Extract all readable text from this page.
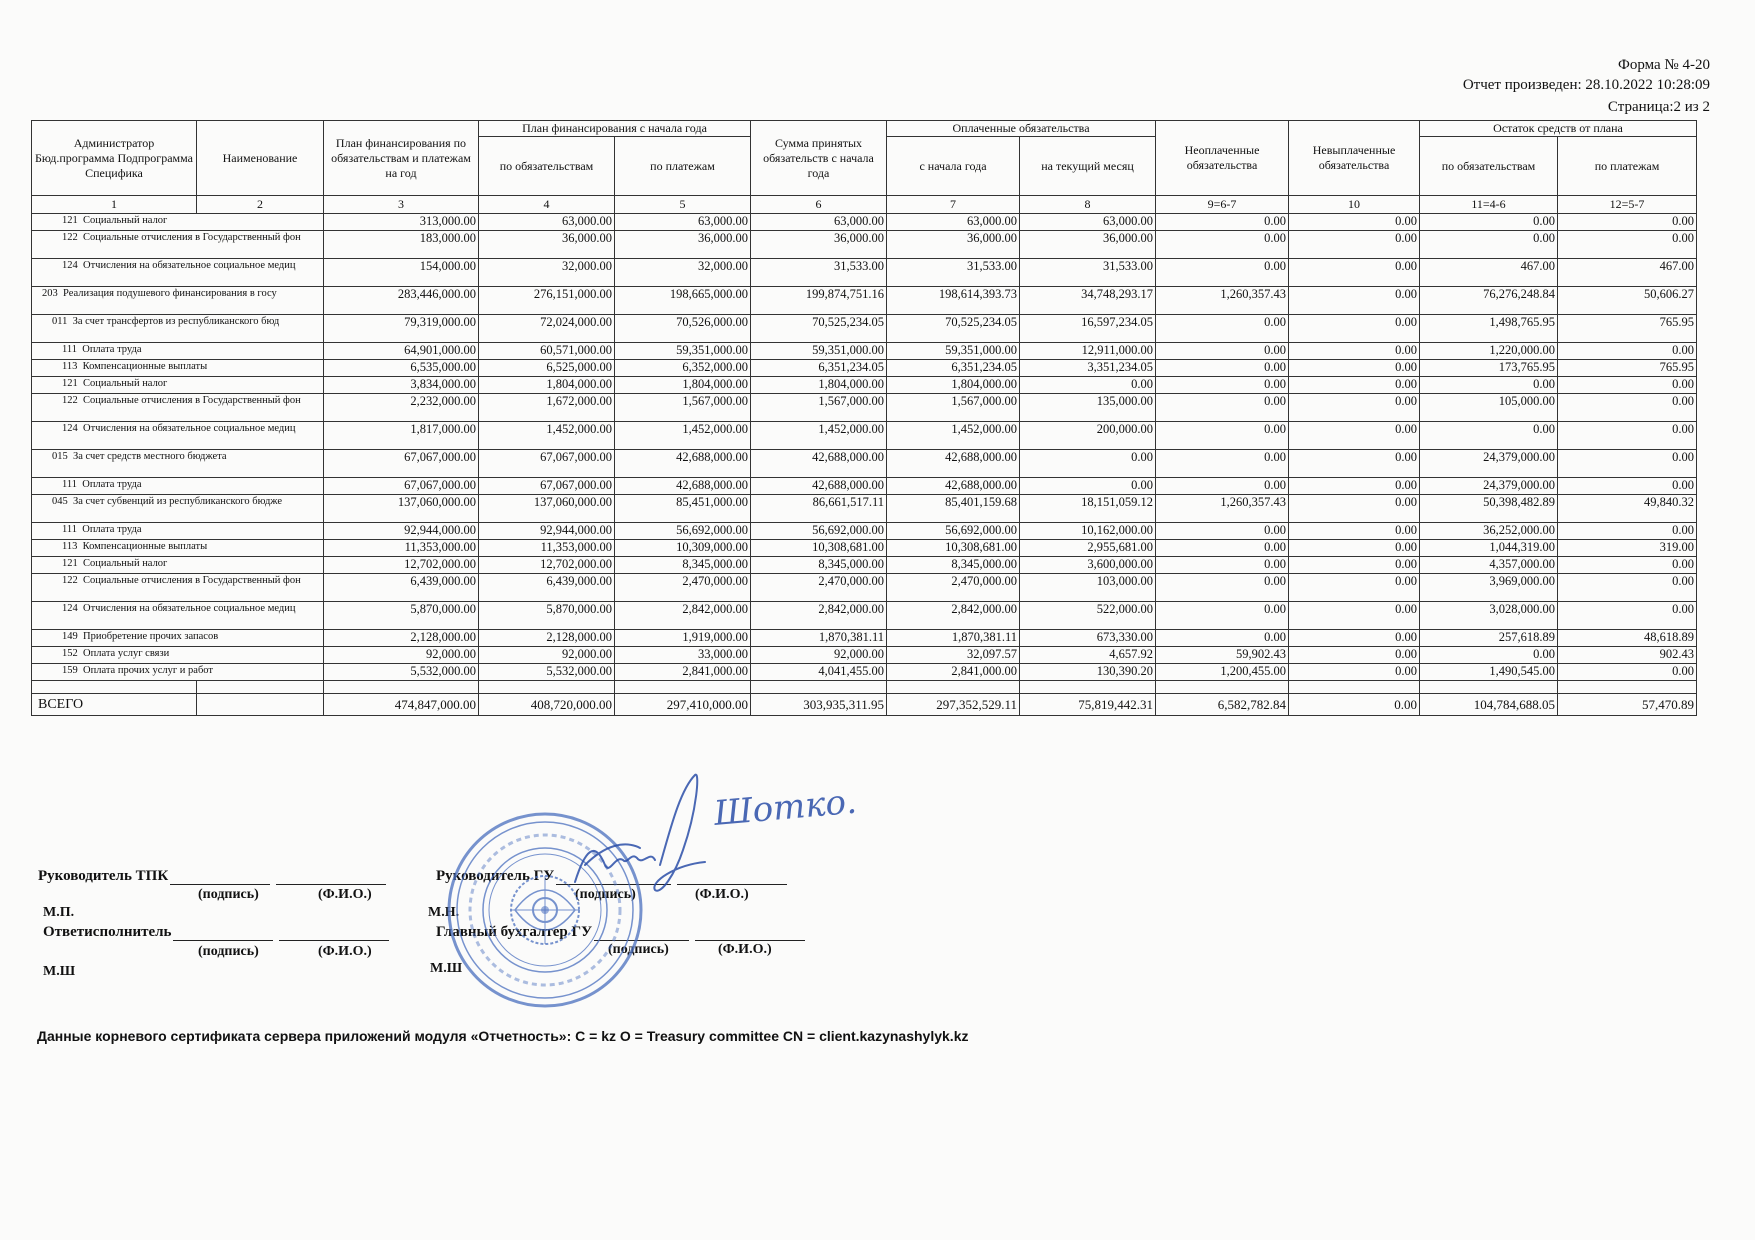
Форма № 4-20
Отчет произведен: 28.10.2022 10:28:09
Страница:2 из 2
Администратор Бюд.программа Подпрограмма Специфика	Наименование	План финансирования по обязательствам и платежам на год	План финансирования с начала года		Сумма принятых обязательств с начала года	Оплаченные обязательства		Неоплаченные обязательства	Невыплаченные обязательства	Остаток средств от плана	
			по обязательствам	по платежам		с начала года	на текущий месяц			по обязательствам	по платежам
1	2	3	4	5	6	7	8	9=6-7	10	11=4-6	12=5-7
121 Социальный налог		313,000.00	63,000.00	63,000.00	63,000.00	63,000.00	63,000.00	0.00	0.00	0.00	0.00
122 Социальные отчисления в Государственный фон		183,000.00	36,000.00	36,000.00	36,000.00	36,000.00	36,000.00	0.00	0.00	0.00	0.00
124 Отчисления на обязательное социальное медиц		154,000.00	32,000.00	32,000.00	31,533.00	31,533.00	31,533.00	0.00	0.00	467.00	467.00
203 Реализация подушевого финансирования в госу		283,446,000.00	276,151,000.00	198,665,000.00	199,874,751.16	198,614,393.73	34,748,293.17	1,260,357.43	0.00	76,276,248.84	50,606.27
011 За счет трансфертов из республиканского бюд		79,319,000.00	72,024,000.00	70,526,000.00	70,525,234.05	70,525,234.05	16,597,234.05	0.00	0.00	1,498,765.95	765.95
111 Оплата труда		64,901,000.00	60,571,000.00	59,351,000.00	59,351,000.00	59,351,000.00	12,911,000.00	0.00	0.00	1,220,000.00	0.00
113 Компенсационные выплаты		6,535,000.00	6,525,000.00	6,352,000.00	6,351,234.05	6,351,234.05	3,351,234.05	0.00	0.00	173,765.95	765.95
121 Социальный налог		3,834,000.00	1,804,000.00	1,804,000.00	1,804,000.00	1,804,000.00	0.00	0.00	0.00	0.00	0.00
122 Социальные отчисления в Государственный фон		2,232,000.00	1,672,000.00	1,567,000.00	1,567,000.00	1,567,000.00	135,000.00	0.00	0.00	105,000.00	0.00
124 Отчисления на обязательное социальное медиц		1,817,000.00	1,452,000.00	1,452,000.00	1,452,000.00	1,452,000.00	200,000.00	0.00	0.00	0.00	0.00
015 За счет средств местного бюджета		67,067,000.00	67,067,000.00	42,688,000.00	42,688,000.00	42,688,000.00	0.00	0.00	0.00	24,379,000.00	0.00
111 Оплата труда		67,067,000.00	67,067,000.00	42,688,000.00	42,688,000.00	42,688,000.00	0.00	0.00	0.00	24,379,000.00	0.00
045 За счет субвенций из республиканского бюдже		137,060,000.00	137,060,000.00	85,451,000.00	86,661,517.11	85,401,159.68	18,151,059.12	1,260,357.43	0.00	50,398,482.89	49,840.32
111 Оплата труда		92,944,000.00	92,944,000.00	56,692,000.00	56,692,000.00	56,692,000.00	10,162,000.00	0.00	0.00	36,252,000.00	0.00
113 Компенсационные выплаты		11,353,000.00	11,353,000.00	10,309,000.00	10,308,681.00	10,308,681.00	2,955,681.00	0.00	0.00	1,044,319.00	319.00
121 Социальный налог		12,702,000.00	12,702,000.00	8,345,000.00	8,345,000.00	8,345,000.00	3,600,000.00	0.00	0.00	4,357,000.00	0.00
122 Социальные отчисления в Государственный фон		6,439,000.00	6,439,000.00	2,470,000.00	2,470,000.00	2,470,000.00	103,000.00	0.00	0.00	3,969,000.00	0.00
124 Отчисления на обязательное социальное медиц		5,870,000.00	5,870,000.00	2,842,000.00	2,842,000.00	2,842,000.00	522,000.00	0.00	0.00	3,028,000.00	0.00
149 Приобретение прочих запасов		2,128,000.00	2,128,000.00	1,919,000.00	1,870,381.11	1,870,381.11	673,330.00	0.00	0.00	257,618.89	48,618.89
152 Оплата услуг связи		92,000.00	92,000.00	33,000.00	92,000.00	32,097.57	4,657.92	59,902.43	0.00	0.00	902.43
159 Оплата прочих услуг и работ		5,532,000.00	5,532,000.00	2,841,000.00	4,041,455.00	2,841,000.00	130,390.20	1,200,455.00	0.00	1,490,545.00	0.00

ВСЕГО		474,847,000.00	408,720,000.00	297,410,000.00	303,935,311.95	297,352,529.11	75,819,442.31	6,582,782.84	0.00	104,784,688.05	57,470.89
Руководитель ТПК
(подпись)	(Ф.И.О.)
Руководитель ГУ
(подпись)	(Ф.И.О.)
М.П.	М.Н.
Ответисполнитель
(подпись)	(Ф.И.О.)
Главный бухгалтер ГУ
(подпись)	(Ф.И.О.)
М.Ш	М.Ш
Шотко.
Данные корневого сертификата сервера приложений модуля «Отчетность»: C = kz O = Treasury committee CN = client.kazynashylyk.kz
